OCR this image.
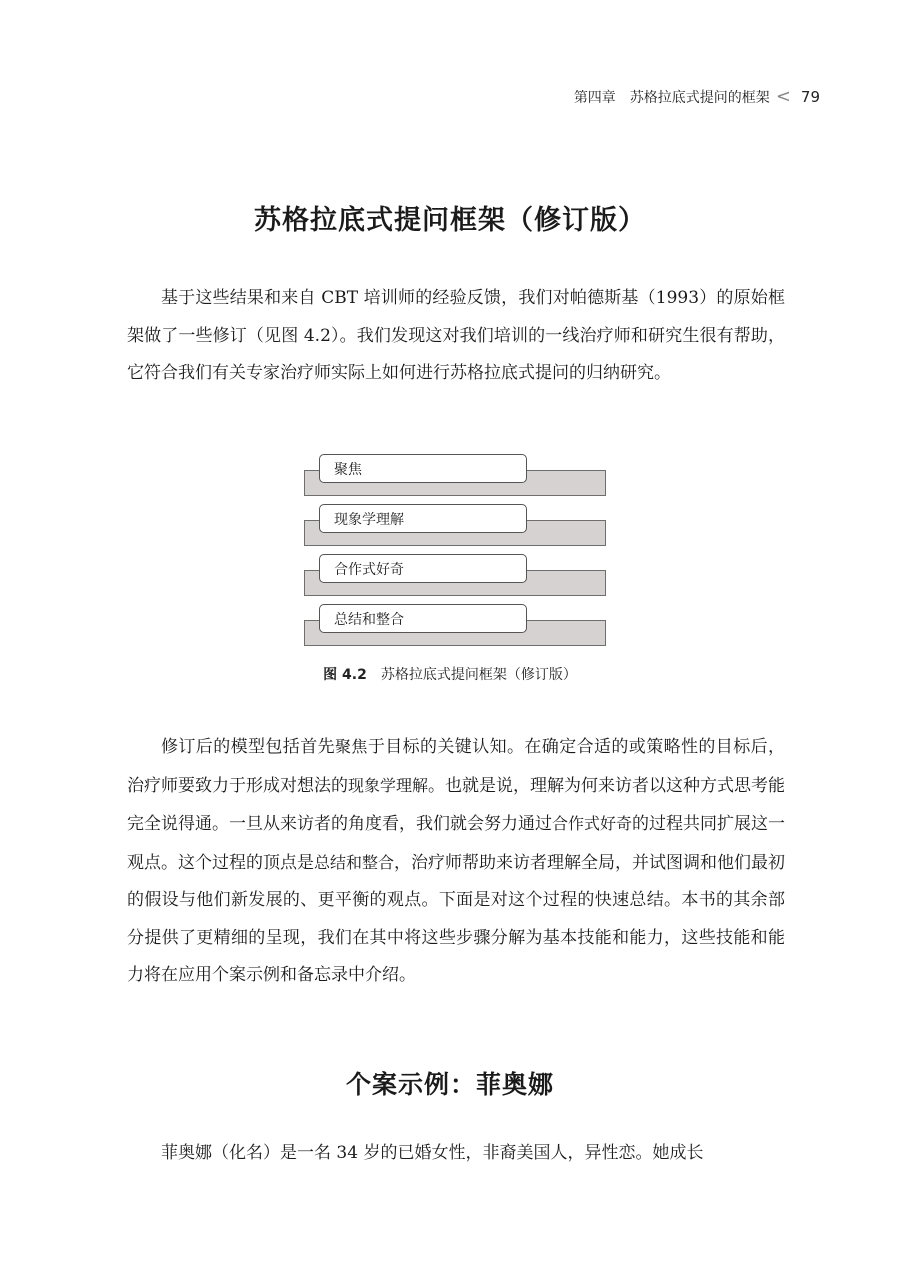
第四章 苏格拉底式提问的框架 < 79
苏格拉底式提问框架（修订版）

基于这些结果和来自 CBT 培训师的经验反馈，我们对帕德斯基（1993）的原始框架做了一些修订（见图 4.2）。我们发现这对我们培训的一线治疗师和研究生很有帮助，它符合我们有关专家治疗师实际上如何进行苏格拉底式提问的归纳研究。

聚焦
现象学理解
合作式好奇
总结和整合
图 4.2 苏格拉底式提问框架（修订版）

修订后的模型包括首先聚焦于目标的关键认知。在确定合适的或策略性的目标后，治疗师要致力于形成对想法的现象学理解。也就是说，理解为何来访者以这种方式思考能完全说得通。一旦从来访者的角度看，我们就会努力通过合作式好奇的过程共同扩展这一观点。这个过程的顶点是总结和整合，治疗师帮助来访者理解全局，并试图调和他们最初的假设与他们新发展的、更平衡的观点。下面是对这个过程的快速总结。本书的其余部分提供了更精细的呈现，我们在其中将这些步骤分解为基本技能和能力，这些技能和能力将在应用个案示例和备忘录中介绍。

个案示例：菲奥娜

菲奥娜（化名）是一名 34 岁的已婚女性，非裔美国人，异性恋。她成长
